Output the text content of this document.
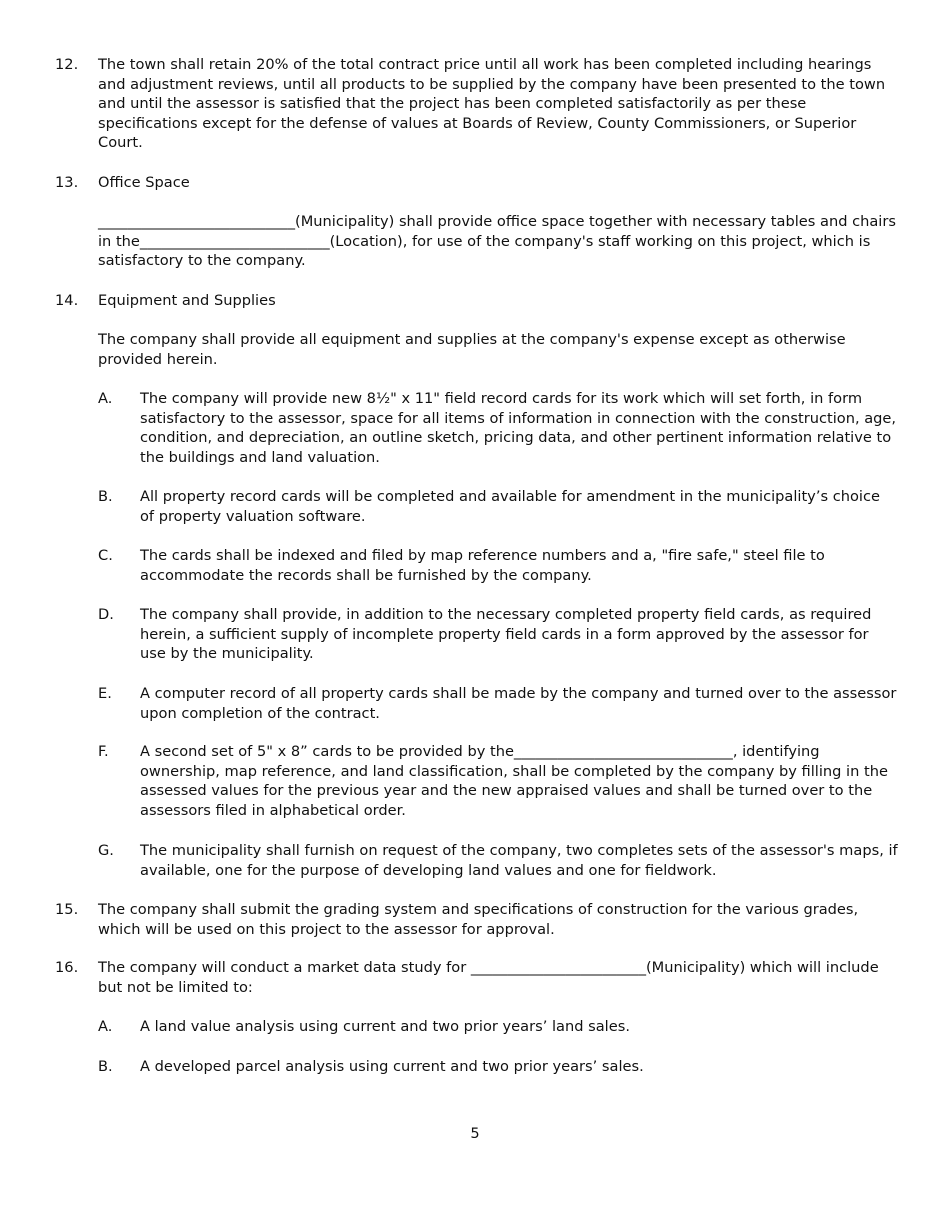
12.	The town shall retain 20% of the total contract price until all work has been completed including hearings and adjustment reviews, until all products to be supplied by the company have been presented to the town and until the assessor is satisfied that the project has been completed satisfactorily as per these specifications except for the defense of values at Boards of Review, County Commissioners, or Superior Court.
13.	Office Space
___________________________(Municipality) shall provide office space together with necessary tables and chairs in the__________________________(Location), for use of the company's staff working on this project, which is satisfactory to the company.
14.	Equipment and Supplies
The company shall provide all equipment and supplies at the company's expense except as otherwise provided herein.
A. The company will provide new 8½" x 11" field record cards for its work which will set forth, in form satisfactory to the assessor, space for all items of information in connection with the construction, age, condition, and depreciation, an outline sketch, pricing data, and other pertinent information relative to the buildings and land valuation.
B. All property record cards will be completed and available for amendment in the municipality’s choice of property valuation software.
C. The cards shall be indexed and filed by map reference numbers and a, "fire safe," steel file to accommodate the records shall be furnished by the company.
D. The company shall provide, in addition to the necessary completed property field cards, as required herein, a sufficient supply of incomplete property field cards in a form approved by the assessor for use by the municipality.
E. A computer record of all property cards shall be made by the company and turned over to the assessor upon completion of the contract.
F. A second set of 5" x 8” cards to be provided by the______________________________, identifying ownership, map reference, and land classification, shall be completed by the company by filling in the assessed values for the previous year and the new appraised values and shall be turned over to the assessors filed in alphabetical order.
G. The municipality shall furnish on request of the company, two completes sets of the assessor's maps, if available, one for the purpose of developing land values and one for fieldwork.
15.	The company shall submit the grading system and specifications of construction for the various grades, which will be used on this project to the assessor for approval.
16.	The company will conduct a market data study for ________________________(Municipality) which will include but not be limited to:
A. A land value analysis using current and two prior years’ land sales.
B. A developed parcel analysis using current and two prior years’ sales.
5
